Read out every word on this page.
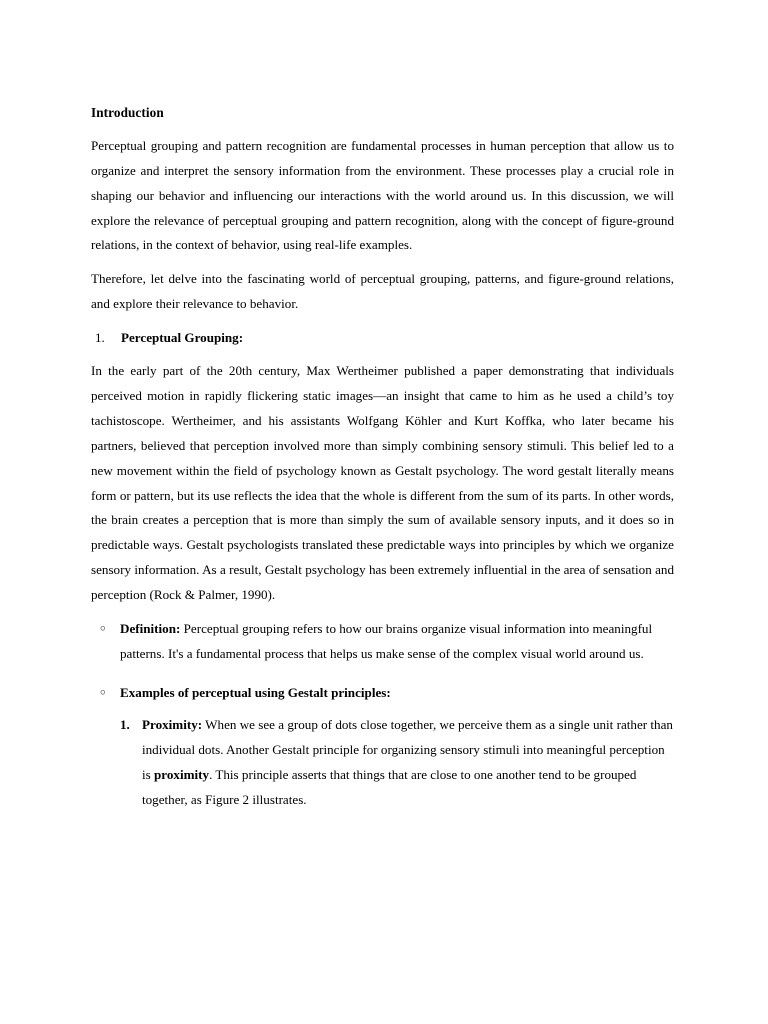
Introduction

Perceptual grouping and pattern recognition are fundamental processes in human perception that allow us to organize and interpret the sensory information from the environment. These processes play a crucial role in shaping our behavior and influencing our interactions with the world around us. In this discussion, we will explore the relevance of perceptual grouping and pattern recognition, along with the concept of figure-ground relations, in the context of behavior, using real-life examples.

Therefore, let delve into the fascinating world of perceptual grouping, patterns, and figure-ground relations, and explore their relevance to behavior.

1. Perceptual Grouping:

In the early part of the 20th century, Max Wertheimer published a paper demonstrating that individuals perceived motion in rapidly flickering static images—an insight that came to him as he used a child’s toy tachistoscope. Wertheimer, and his assistants Wolfgang Köhler and Kurt Koffka, who later became his partners, believed that perception involved more than simply combining sensory stimuli. This belief led to a new movement within the field of psychology known as Gestalt psychology. The word gestalt literally means form or pattern, but its use reflects the idea that the whole is different from the sum of its parts. In other words, the brain creates a perception that is more than simply the sum of available sensory inputs, and it does so in predictable ways. Gestalt psychologists translated these predictable ways into principles by which we organize sensory information. As a result, Gestalt psychology has been extremely influential in the area of sensation and perception (Rock & Palmer, 1990).

○ Definition: Perceptual grouping refers to how our brains organize visual information into meaningful patterns. It's a fundamental process that helps us make sense of the complex visual world around us.
○ Examples of perceptual using Gestalt principles:
1. Proximity: When we see a group of dots close together, we perceive them as a single unit rather than individual dots. Another Gestalt principle for organizing sensory stimuli into meaningful perception is proximity. This principle asserts that things that are close to one another tend to be grouped together, as Figure 2 illustrates.
